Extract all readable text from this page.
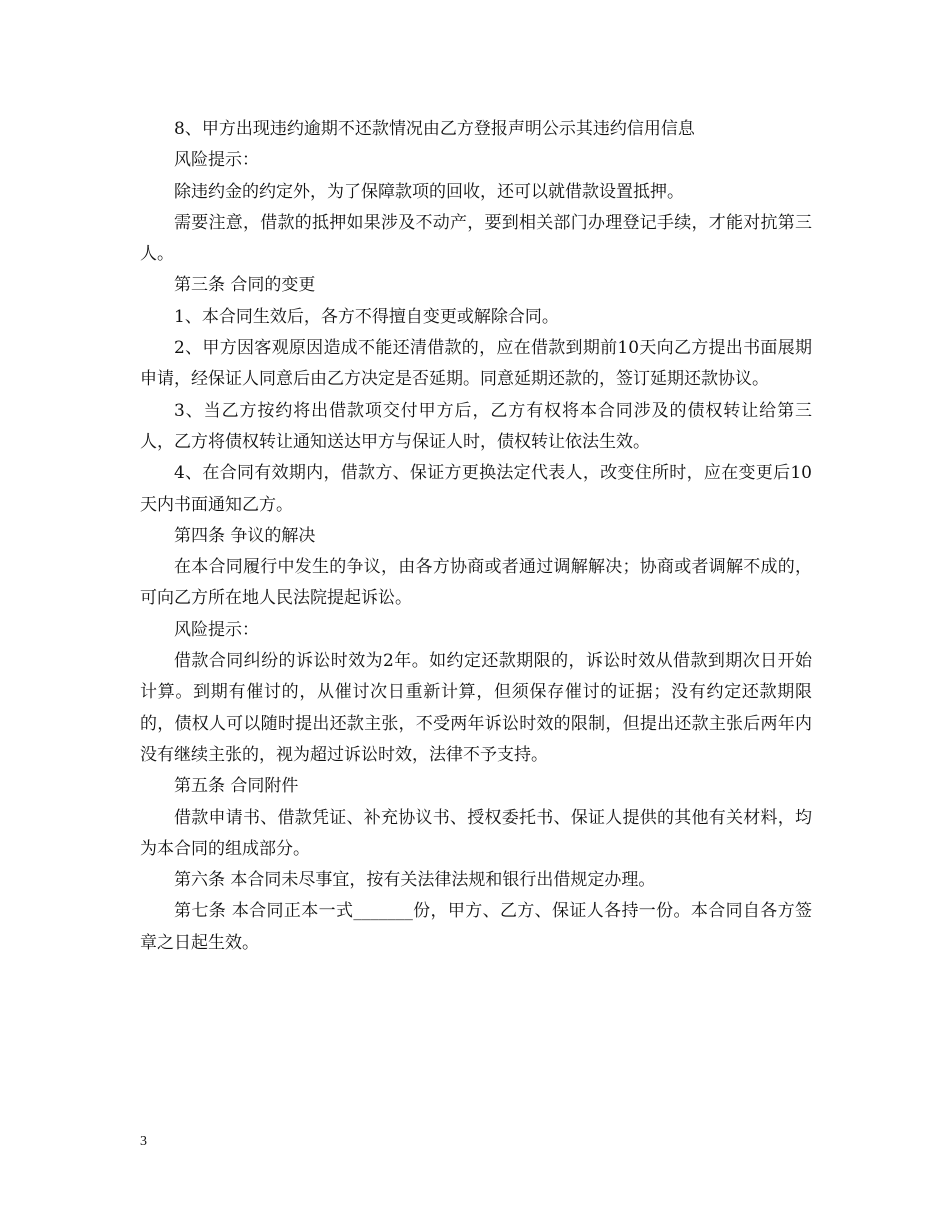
8、甲方出现违约逾期不还款情况由乙方登报声明公示其违约信用信息

风险提示：

除违约金的约定外，为了保障款项的回收，还可以就借款设置抵押。

需要注意，借款的抵押如果涉及不动产，要到相关部门办理登记手续，才能对抗第三人。

第三条 合同的变更

1、本合同生效后，各方不得擅自变更或解除合同。

2、甲方因客观原因造成不能还清借款的，应在借款到期前10天向乙方提出书面展期申请，经保证人同意后由乙方决定是否延期。同意延期还款的，签订延期还款协议。

3、当乙方按约将出借款项交付甲方后，乙方有权将本合同涉及的债权转让给第三人，乙方将债权转让通知送达甲方与保证人时，债权转让依法生效。

4、在合同有效期内，借款方、保证方更换法定代表人，改变住所时，应在变更后10天内书面通知乙方。

第四条 争议的解决

在本合同履行中发生的争议，由各方协商或者通过调解解决；协商或者调解不成的，可向乙方所在地人民法院提起诉讼。

风险提示：

借款合同纠纷的诉讼时效为2年。如约定还款期限的，诉讼时效从借款到期次日开始计算。到期有催讨的，从催讨次日重新计算，但须保存催讨的证据；没有约定还款期限的，债权人可以随时提出还款主张，不受两年诉讼时效的限制，但提出还款主张后两年内没有继续主张的，视为超过诉讼时效，法律不予支持。

第五条 合同附件

借款申请书、借款凭证、补充协议书、授权委托书、保证人提供的其他有关材料，均为本合同的组成部分。

第六条 本合同未尽事宜，按有关法律法规和银行出借规定办理。

第七条 本合同正本一式_______份，甲方、乙方、保证人各持一份。本合同自各方签章之日起生效。

3
